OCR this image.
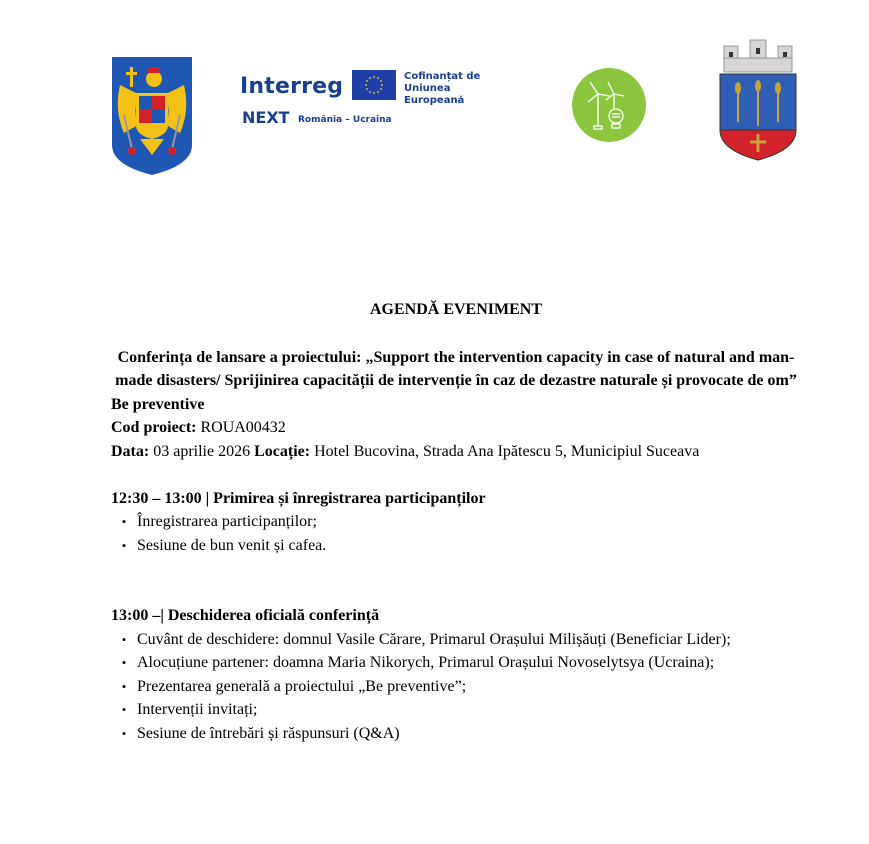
Interreg	Cofinanțat de
Uniunea Europeană
NEXT România – Ucraina

AGENDĂ EVENIMENT

Conferința de lansare a proiectului: „Support the intervention capacity in case of natural and man-made disasters/ Sprijinirea capacității de intervenție în caz de dezastre naturale și provocate de om”

Be preventive

Cod proiect: ROUA00432

Data: 03 aprilie 2026 Locație: Hotel Bucovina, Strada Ana Ipătescu 5, Municipiul Suceava

12:30 – 13:00 | Primirea și înregistrarea participanților

• Înregistrarea participanților;
• Sesiune de bun venit și cafea.

13:00 –| Deschiderea oficială conferință

• Cuvânt de deschidere: domnul Vasile Cărare, Primarul Orașului Milișăuți (Beneficiar Lider);
• Alocuțiune partener: doamna Maria Nikorych, Primarul Orașului Novoselytsya (Ucraina);
• Prezentarea generală a proiectului „Be preventive”;
• Intervenții invitați;
• Sesiune de întrebări și răspunsuri (Q&A)
